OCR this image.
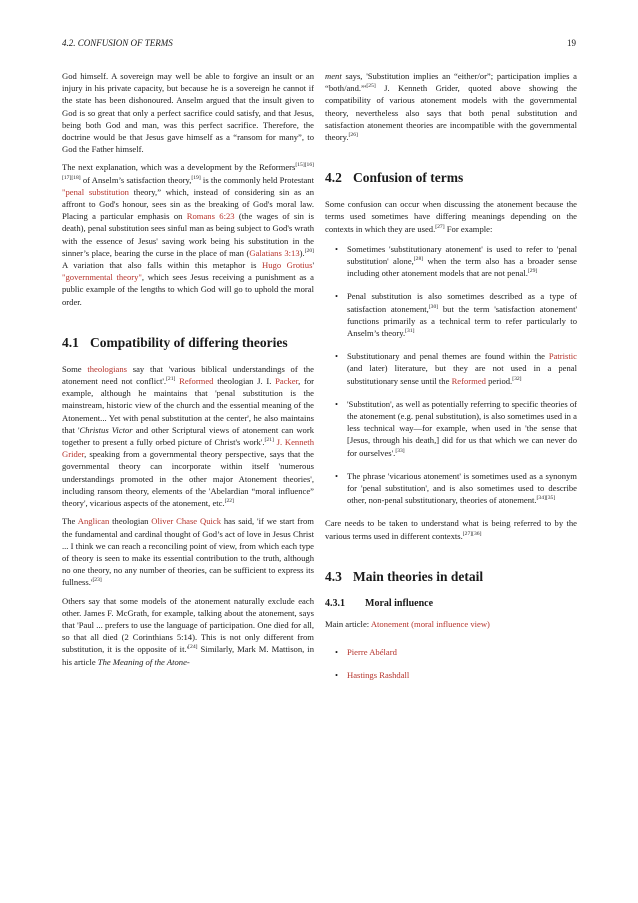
4.2. CONFUSION OF TERMS	19

God himself. A sovereign may well be able to forgive an insult or an injury in his private capacity, but because he is a sovereign he cannot if the state has been dishonoured. Anselm argued that the insult given to God is so great that only a perfect sacrifice could satisfy, and that Jesus, being both God and man, was this perfect sacrifice. Therefore, the doctrine would be that Jesus gave himself as a “ransom for many”, to God the Father himself.

The next explanation, which was a development by the Reformers[15][16][17][18] of Anselm’s satisfaction theory,[19] is the commonly held Protestant "penal substitution theory,” which, instead of considering sin as an affront to God's honour, sees sin as the breaking of God's moral law. Placing a particular emphasis on Romans 6:23 (the wages of sin is death), penal substitution sees sinful man as being subject to God's wrath with the essence of Jesus' saving work being his substitution in the sinner’s place, bearing the curse in the place of man (Galatians 3:13).[20] A variation that also falls within this metaphor is Hugo Grotius' "governmental theory", which sees Jesus receiving a punishment as a public example of the lengths to which God will go to uphold the moral order.

4.1 Compatibility of differing theories

Some theologians say that 'various biblical understandings of the atonement need not conflict'.[21] Reformed theologian J. I. Packer, for example, although he maintains that 'penal substitution is the mainstream, historic view of the church and the essential meaning of the Atonement... Yet with penal substitution at the center', he also maintains that 'Christus Victor and other Scriptural views of atonement can work together to present a fully orbed picture of Christ's work'.[21] J. Kenneth Grider, speaking from a governmental theory perspective, says that the governmental theory can incorporate within itself 'numerous understandings promoted in the other major Atonement theories', including ransom theory, elements of the 'Abelardian “moral influence” theory', vicarious aspects of the atonement, etc.[22]

The Anglican theologian Oliver Chase Quick has said, 'if we start from the fundamental and cardinal thought of God’s act of love in Jesus Christ ... I think we can reach a reconciling point of view, from which each type of theory is seen to make its essential contribution to the truth, although no one theory, no any number of theories, can be sufficient to express its fullness.'[23]

Others say that some models of the atonement naturally exclude each other. James F. McGrath, for example, talking about the atonement, says that 'Paul ... prefers to use the language of participation. One died for all, so that all died (2 Corinthians 5:14). This is not only different from substitution, it is the opposite of it.'[24] Similarly, Mark M. Mattison, in his article The Meaning of the Atone-

ment says, 'Substitution implies an “either/or”; participation implies a “both/and.”'[25] J. Kenneth Grider, quoted above showing the compatibility of various atonement models with the governmental theory, nevertheless also says that both penal substitution and satisfaction atonement theories are incompatible with the governmental theory.[26]

4.2 Confusion of terms

Some confusion can occur when discussing the atonement because the terms used sometimes have differing meanings depending on the contexts in which they are used.[27] For example:

• Sometimes 'substitutionary atonement' is used to refer to 'penal substitution' alone,[28] when the term also has a broader sense including other atonement models that are not penal.[29]
• Penal substitution is also sometimes described as a type of satisfaction atonement,[30] but the term 'satisfaction atonement' functions primarily as a technical term to refer particularly to Anselm’s theory.[31]
• Substitutionary and penal themes are found within the Patristic (and later) literature, but they are not used in a penal substitutionary sense until the Reformed period.[32]
• 'Substitution', as well as potentially referring to specific theories of the atonement (e.g. penal substitution), is also sometimes used in a less technical way—for example, when used in 'the sense that [Jesus, through his death,] did for us that which we can never do for ourselves'.[33]
• The phrase 'vicarious atonement' is sometimes used as a synonym for 'penal substitution', and is also sometimes used to describe other, non-penal substitutionary, theories of atonement.[34][35]

Care needs to be taken to understand what is being referred to by the various terms used in different contexts.[27][36]

4.3 Main theories in detail
4.3.1 Moral influence

Main article: Atonement (moral influence view)

• Pierre Abélard
• Hastings Rashdall
